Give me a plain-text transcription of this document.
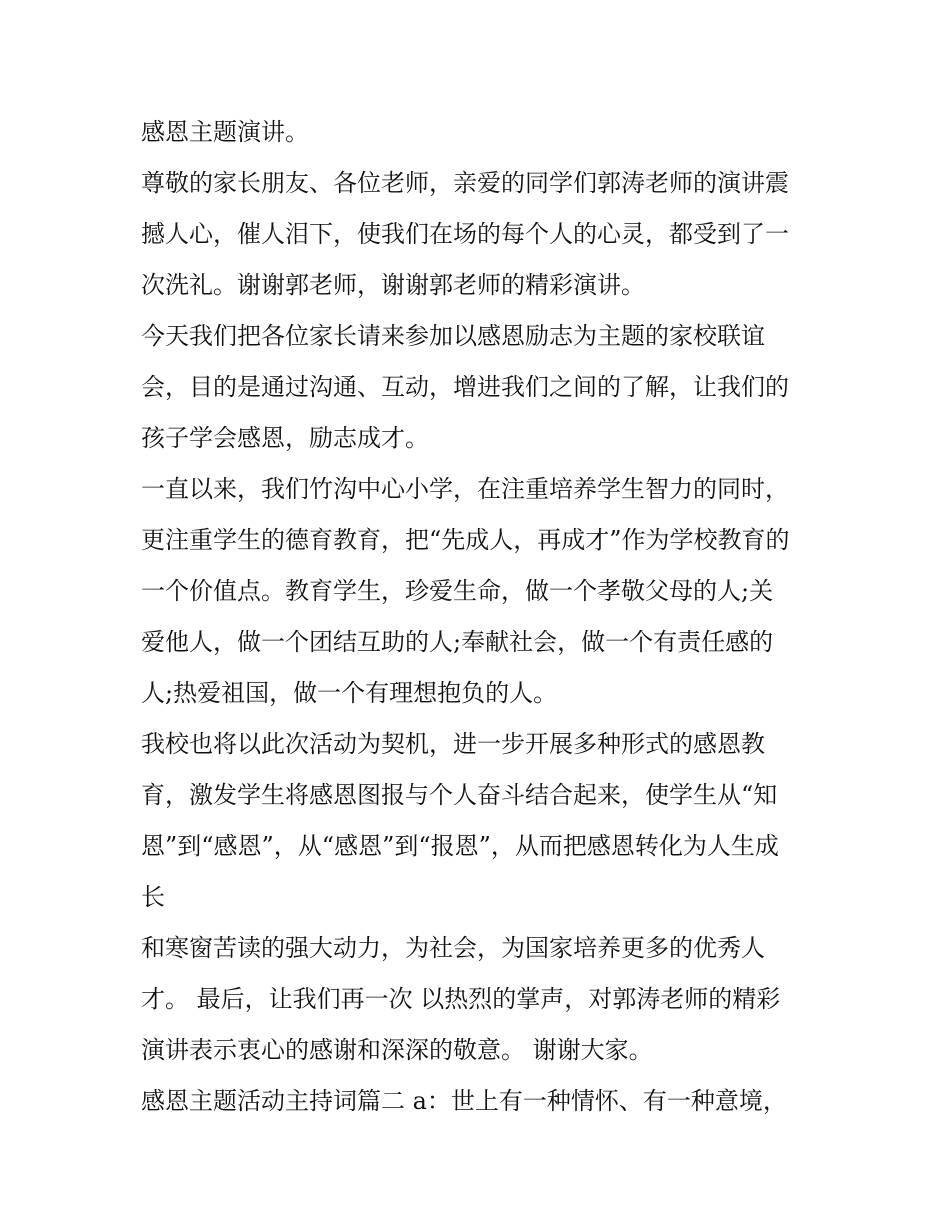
感恩主题演讲。
尊敬的家长朋友、各位老师，亲爱的同学们郭涛老师的演讲震
撼人心，催人泪下，使我们在场的每个人的心灵，都受到了一
次洗礼。谢谢郭老师，谢谢郭老师的精彩演讲。
今天我们把各位家长请来参加以感恩励志为主题的家校联谊
会，目的是通过沟通、互动，增进我们之间的了解，让我们的
孩子学会感恩，励志成才。
一直以来，我们竹沟中心小学，在注重培养学生智力的同时，
更注重学生的德育教育，把“先成人，再成才”作为学校教育的
一个价值点。教育学生，珍爱生命，做一个孝敬父母的人;关
爱他人，做一个团结互助的人;奉献社会，做一个有责任感的
人;热爱祖国，做一个有理想抱负的人。
我校也将以此次活动为契机，进一步开展多种形式的感恩教
育，激发学生将感恩图报与个人奋斗结合起来，使学生从“知
恩”到“感恩”，从“感恩”到“报恩”，从而把感恩转化为人生成
长
和寒窗苦读的强大动力，为社会，为国家培养更多的优秀人
才。 最后，让我们再一次 以热烈的掌声，对郭涛老师的精彩
演讲表示衷心的感谢和深深的敬意。 谢谢大家。
感恩主题活动主持词篇二 a：世上有一种情怀、有一种意境，
